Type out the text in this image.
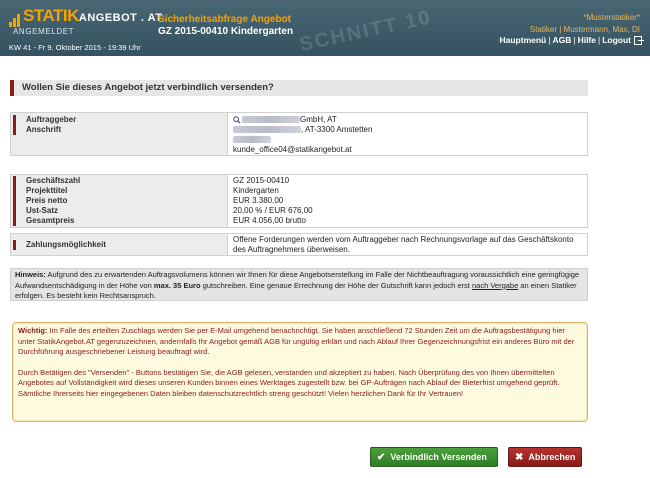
SCHNITT 10
STATIKANGEBOT . AT
ANGEMELDET
Sicherheitsabfrage Angebot
GZ 2015-00410 Kindergarten
KW 41 - Fr 9. Oktober 2015 - 19:39 Uhr
*Musterstatiker*
Statiker | Mustermann, Max, DI
Hauptmenü | AGB | Hilfe | Logout
Wollen Sie dieses Angebot jetzt verbindlich versenden?
Auftraggeber
Anschrift
GmbH, AT
, AT-3300 Amstetten
kunde_office04@statikangebot.at
Geschäftszahl
Projekttitel
Preis netto
Ust-Satz
Gesamtpreis
GZ 2015-00410
Kindergarten
EUR 3.380,00
20,00 % / EUR 676,00
EUR 4.056,00 brutto
Zahlungsmöglichkeit
Offene Forderungen werden vom Auftraggeber nach Rechnungsvorlage auf das Geschäftskonto
des Auftragnehmers überweisen.
Hinweis: Aufgrund des zu erwartenden Auftragsvolumens können wir Ihnen für diese Angebotserstellung im Falle der Nichtbeauftragung voraussichtlich eine geringfügige Aufwandsentschädigung in der Höhe von max. 35 Euro gutschreiben. Eine genaue Errechnung der Höhe der Gutschrift kann jedoch erst nach Vergabe an einen Statiker erfolgen. Es besteht kein Rechtsanspruch.

Wichtig: Im Falle des erteilten Zuschlags werden Sie per E-Mail umgehend benachrichtigt. Sie haben anschließend 72 Stunden Zeit um die Auftragsbestätigung hier unter StatikAngebot.AT gegenzuzeichnen, andernfalls Ihr Angebot gemäß AGB für ungültig erklärt und nach Ablauf Ihrer Gegenzeichnungsfrist ein anderes Büro mit der Durchführung ausgeschriebener Leistung beauftragt wird.

Durch Betätigen des "Versenden" - Buttons bestätigen Sie, die AGB gelesen, verstanden und akzeptiert zu haben. Nach Überprüfung des von Ihnen übermittelten Angebotes auf Vollständigkeit wird dieses unseren Kunden binnen eines Werktages zugestellt bzw. bei GP-Aufträgen nach Ablauf der Bieterfrist umgehend geprüft. Sämtliche Ihrerseits hier eingegebenen Daten bleiben datenschutzrechtlich streng geschützt! Vielen herzlichen Dank für Ihr Vertrauen!

✔ Verbindlich Versenden	✖ Abbrechen
